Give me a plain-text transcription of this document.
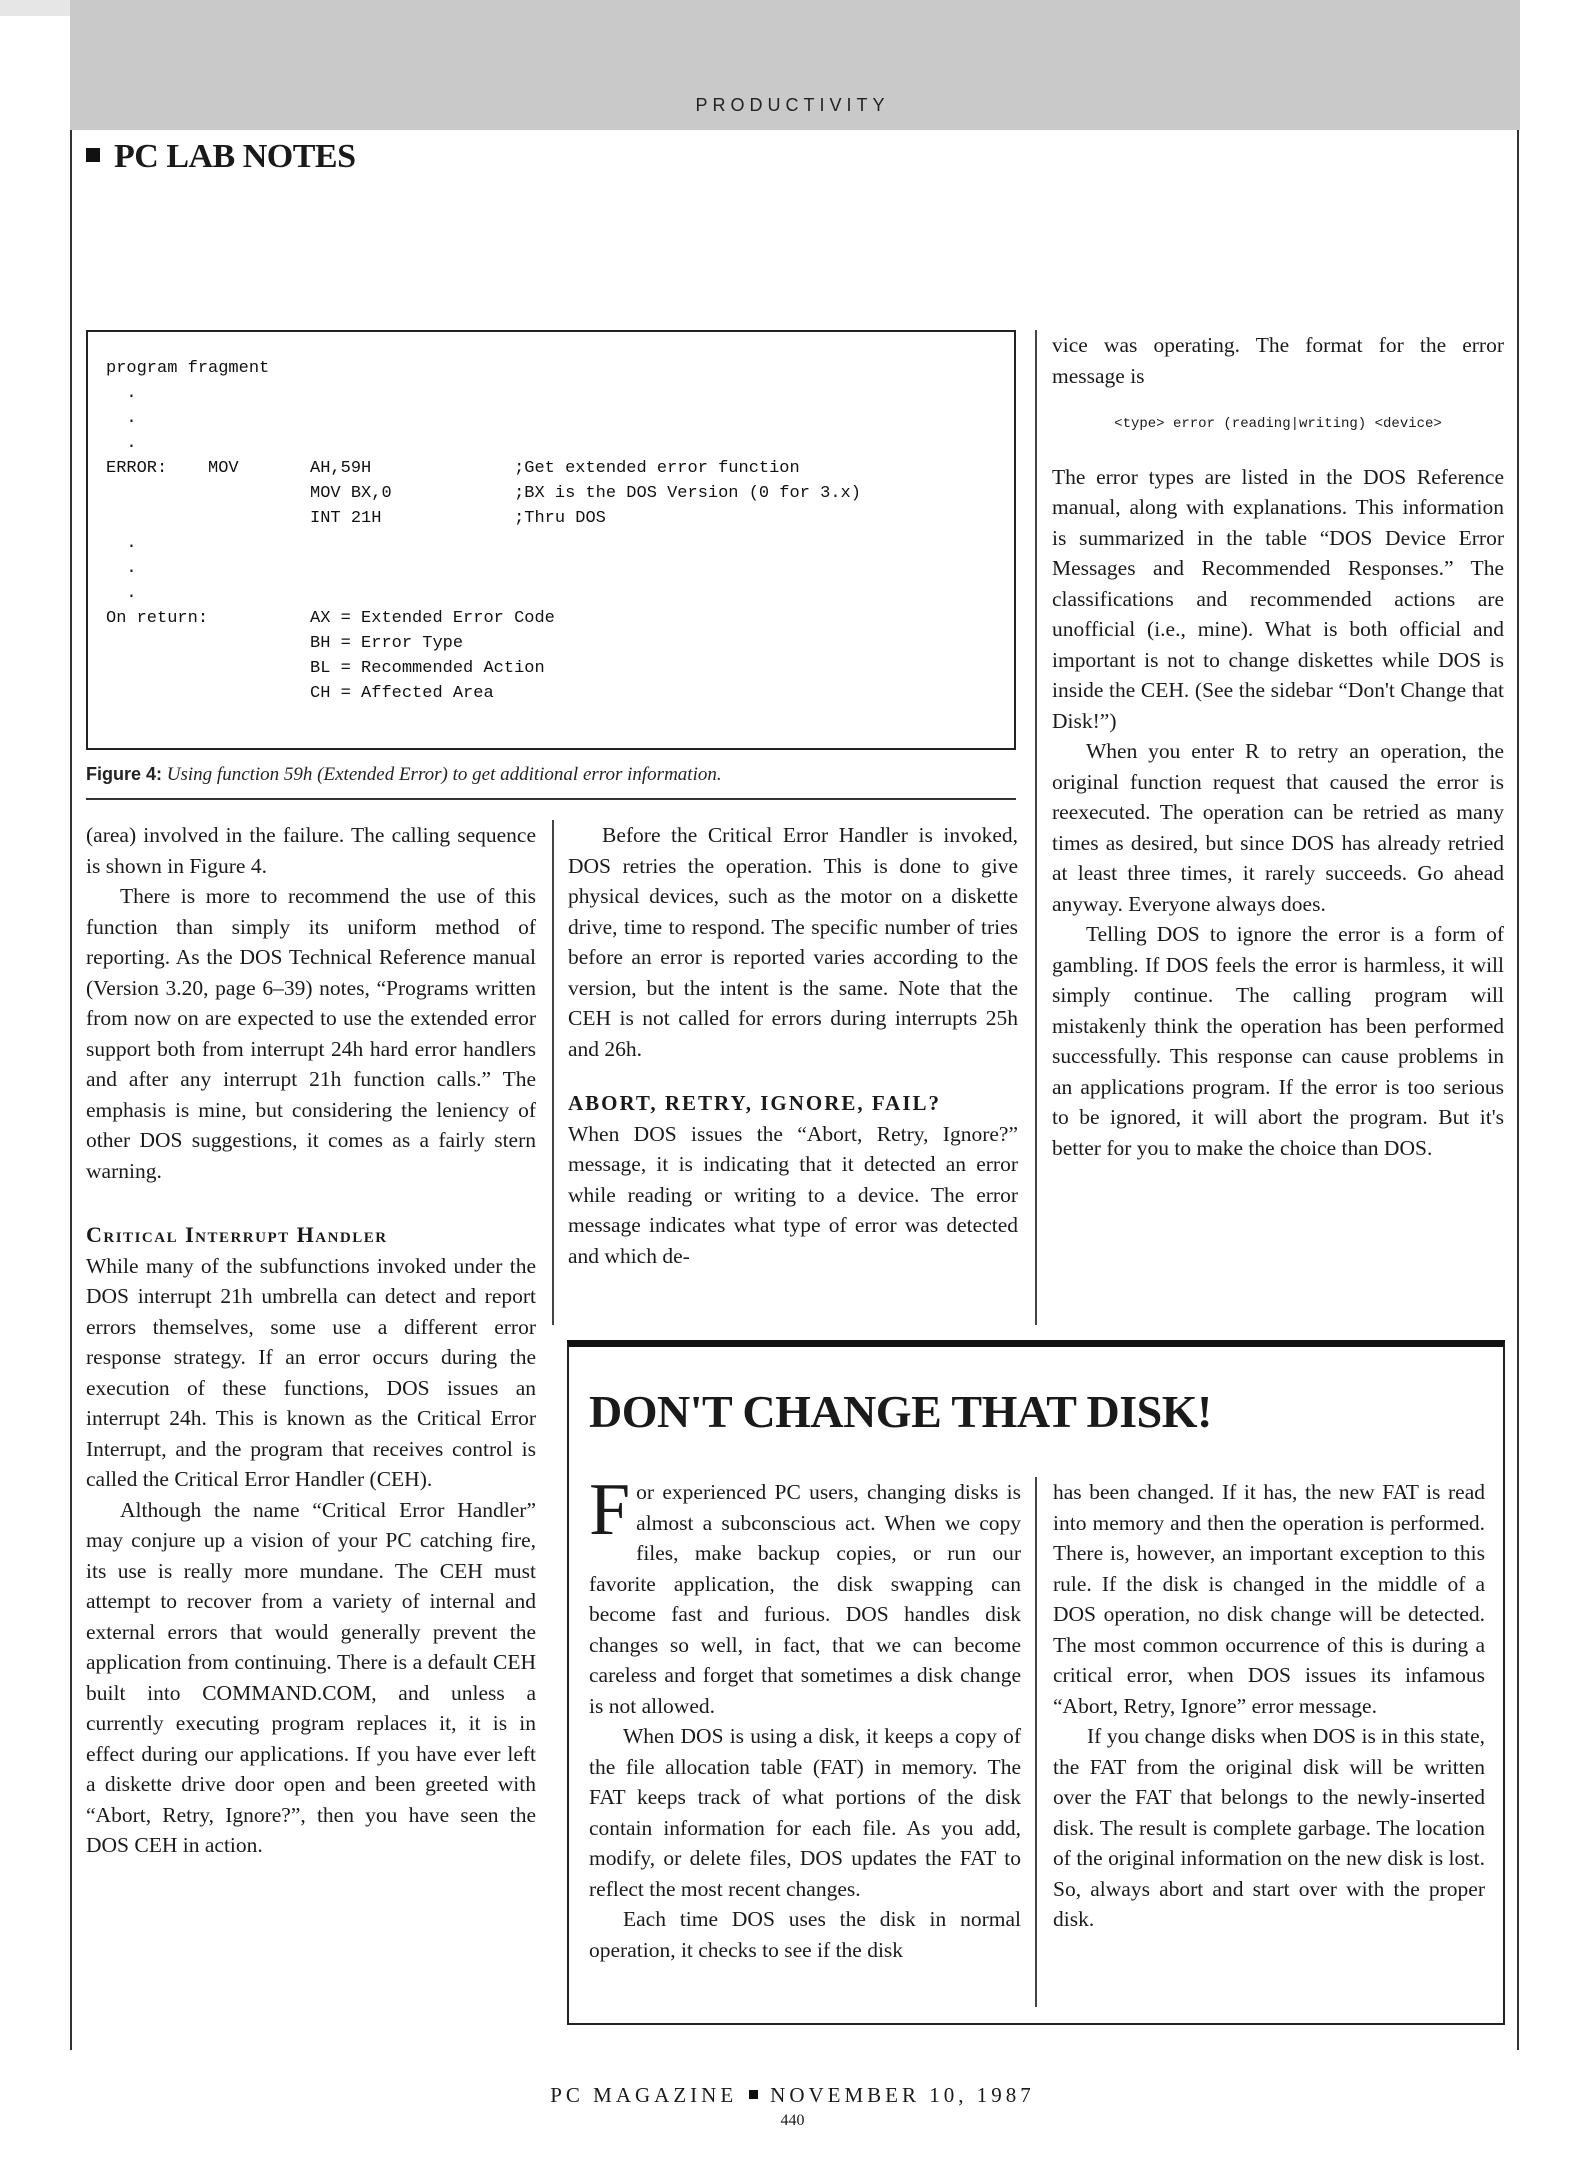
PRODUCTIVITY
PC LAB NOTES
program fragment
.
.
.
ERROR:    MOV       AH,59H              ;Get extended error function
MOV BX,0            ;BX is the DOS Version (0 for 3.x)
INT 21H             ;Thru DOS
.
.
.
On return:          AX = Extended Error Code
BH = Error Type
BL = Recommended Action
CH = Affected Area
Figure 4: Using function 59h (Extended Error) to get additional error information.

(area) involved in the failure. The calling sequence is shown in Figure 4.

There is more to recommend the use of this function than simply its uniform method of reporting. As the DOS Technical Reference manual (Version 3.20, page 6–39) notes, “Programs written from now on are expected to use the extended error support both from interrupt 24h hard error handlers and after any interrupt 21h function calls.” The emphasis is mine, but considering the leniency of other DOS suggestions, it comes as a fairly stern warning.

Critical Interrupt Handler

While many of the subfunctions invoked under the DOS interrupt 21h umbrella can detect and report errors themselves, some use a different error response strategy. If an error occurs during the execution of these functions, DOS issues an interrupt 24h. This is known as the Critical Error Interrupt, and the program that receives control is called the Critical Error Handler (CEH).

Although the name “Critical Error Handler” may conjure up a vision of your PC catching fire, its use is really more mundane. The CEH must attempt to recover from a variety of internal and external errors that would generally prevent the application from continuing. There is a default CEH built into COMMAND.COM, and unless a currently executing program replaces it, it is in effect during our applications. If you have ever left a diskette drive door open and been greeted with “Abort, Retry, Ignore?”, then you have seen the DOS CEH in action.

Before the Critical Error Handler is invoked, DOS retries the operation. This is done to give physical devices, such as the motor on a diskette drive, time to respond. The specific number of tries before an error is reported varies according to the version, but the intent is the same. Note that the CEH is not called for errors during interrupts 25h and 26h.

ABORT, RETRY, IGNORE, FAIL?

When DOS issues the “Abort, Retry, Ignore?” message, it is indicating that it detected an error while reading or writing to a device. The error message indicates what type of error was detected and which de-

vice was operating. The format for the error message is

<type> error (reading|writing) <device>

The error types are listed in the DOS Reference manual, along with explanations. This information is summarized in the table “DOS Device Error Messages and Recommended Responses.” The classifications and recommended actions are unofficial (i.e., mine). What is both official and important is not to change diskettes while DOS is inside the CEH. (See the sidebar “Don't Change that Disk!”)

When you enter R to retry an operation, the original function request that caused the error is reexecuted. The operation can be retried as many times as desired, but since DOS has already retried at least three times, it rarely succeeds. Go ahead anyway. Everyone always does.

Telling DOS to ignore the error is a form of gambling. If DOS feels the error is harmless, it will simply continue. The calling program will mistakenly think the operation has been performed successfully. This response can cause problems in an applications program. If the error is too serious to be ignored, it will abort the program. But it's better for you to make the choice than DOS.

DON'T CHANGE THAT DISK!

For experienced PC users, changing disks is almost a subconscious act. When we copy files, make backup copies, or run our favorite application, the disk swapping can become fast and furious. DOS handles disk changes so well, in fact, that we can become careless and forget that sometimes a disk change is not allowed.

When DOS is using a disk, it keeps a copy of the file allocation table (FAT) in memory. The FAT keeps track of what portions of the disk contain information for each file. As you add, modify, or delete files, DOS updates the FAT to reflect the most recent changes.

Each time DOS uses the disk in normal operation, it checks to see if the disk

has been changed. If it has, the new FAT is read into memory and then the operation is performed. There is, however, an important exception to this rule. If the disk is changed in the middle of a DOS operation, no disk change will be detected. The most common occurrence of this is during a critical error, when DOS issues its infamous “Abort, Retry, Ignore” error message.

If you change disks when DOS is in this state, the FAT from the original disk will be written over the FAT that belongs to the newly-inserted disk. The result is complete garbage. The location of the original information on the new disk is lost. So, always abort and start over with the proper disk.

PC MAGAZINE NOVEMBER 10, 1987
440
